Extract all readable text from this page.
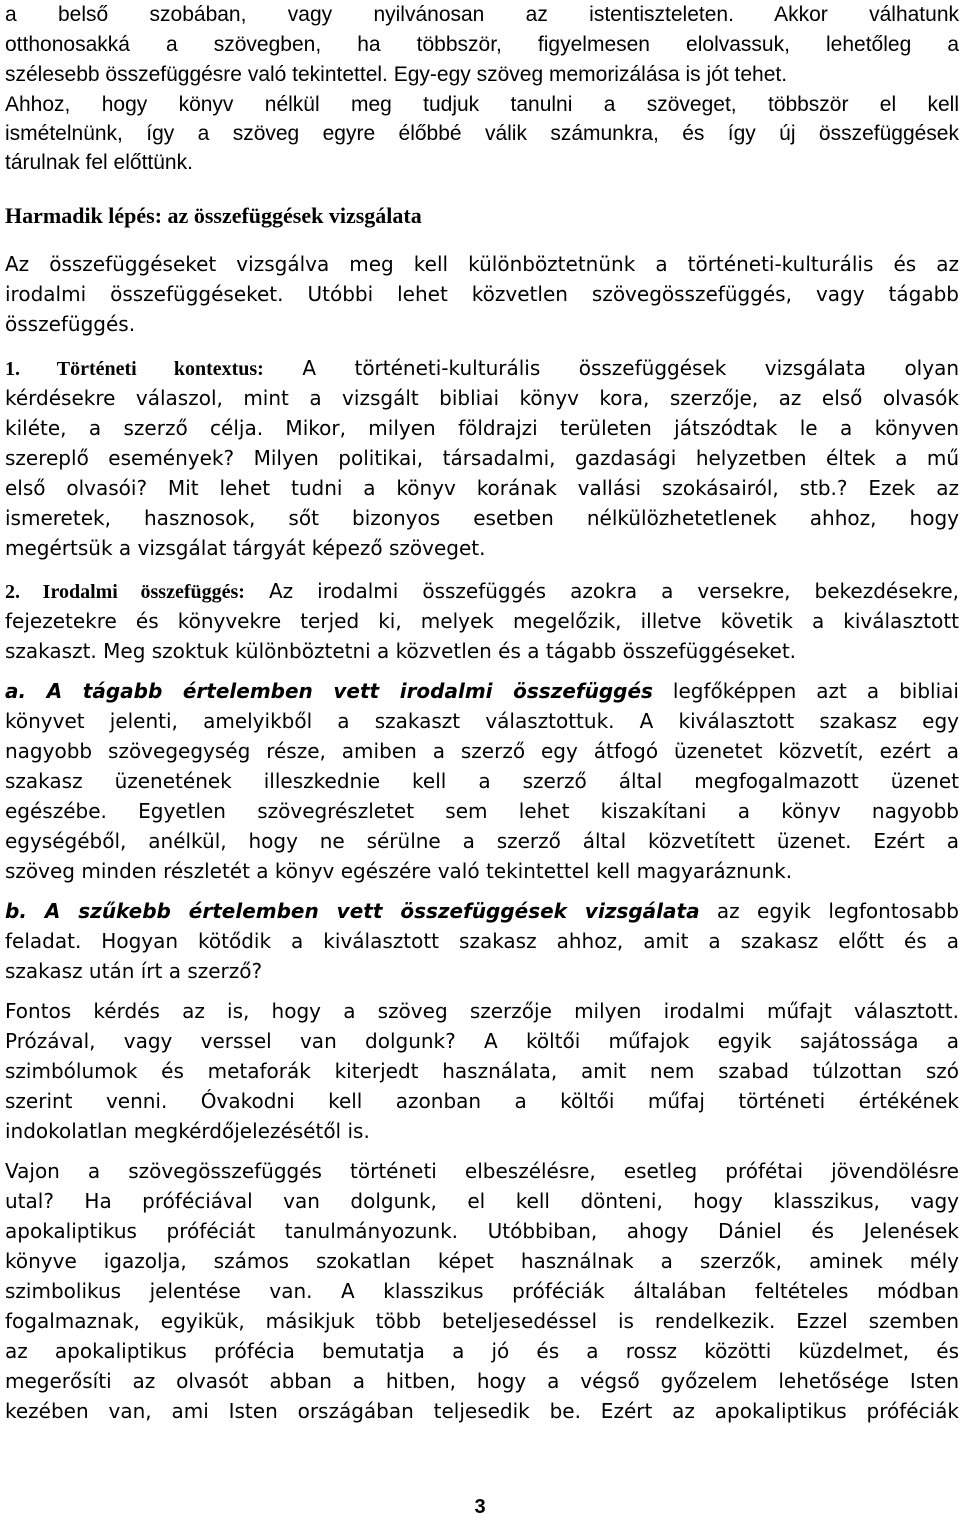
a belső szobában, vagy nyilvánosan az istentiszteleten. Akkor válhatunk
otthonosakká a szövegben, ha többször, figyelmesen elolvassuk, lehetőleg a
szélesebb összefüggésre való tekintettel. Egy-egy szöveg memorizálása is jót tehet.
Ahhoz, hogy könyv nélkül meg tudjuk tanulni a szöveget, többször el kell
ismételnünk, így a szöveg egyre élőbbé válik számunkra, és így új összefüggések
tárulnak fel előttünk.
Harmadik lépés: az összefüggések vizsgálata
Az összefüggéseket vizsgálva meg kell különböztetnünk a történeti-kulturális és az
irodalmi összefüggéseket. Utóbbi lehet közvetlen szövegösszefüggés, vagy tágabb
összefüggés.
1. Történeti kontextus: A történeti-kulturális összefüggések vizsgálata olyan
kérdésekre válaszol, mint a vizsgált bibliai könyv kora, szerzője, az első olvasók
kiléte, a szerző célja. Mikor, milyen földrajzi területen játszódtak le a könyven
szereplő események? Milyen politikai, társadalmi, gazdasági helyzetben éltek a mű
első olvasói? Mit lehet tudni a könyv korának vallási szokásairól, stb.? Ezek az
ismeretek, hasznosok, sőt bizonyos esetben nélkülözhetetlenek ahhoz, hogy
megértsük a vizsgálat tárgyát képező szöveget.
2. Irodalmi összefüggés: Az irodalmi összefüggés azokra a versekre, bekezdésekre,
fejezetekre és könyvekre terjed ki, melyek megelőzik, illetve követik a kiválasztott
szakaszt. Meg szoktuk különböztetni a közvetlen és a tágabb összefüggéseket.
a. A tágabb értelemben vett irodalmi összefüggés legfőképpen azt a bibliai
könyvet jelenti, amelyikből a szakaszt választottuk. A kiválasztott szakasz egy
nagyobb szövegegység része, amiben a szerző egy átfogó üzenetet közvetít, ezért a
szakasz üzenetének illeszkednie kell a szerző által megfogalmazott üzenet
egészébe. Egyetlen szövegrészletet sem lehet kiszakítani a könyv nagyobb
egységéből, anélkül, hogy ne sérülne a szerző által közvetített üzenet. Ezért a
szöveg minden részletét a könyv egészére való tekintettel kell magyaráznunk.
b. A szűkebb értelemben vett összefüggések vizsgálata az egyik legfontosabb
feladat. Hogyan kötődik a kiválasztott szakasz ahhoz, amit a szakasz előtt és a
szakasz után írt a szerző?
Fontos kérdés az is, hogy a szöveg szerzője milyen irodalmi műfajt választott.
Prózával, vagy verssel van dolgunk? A költői műfajok egyik sajátossága a
szimbólumok és metaforák kiterjedt használata, amit nem szabad túlzottan szó
szerint venni. Óvakodni kell azonban a költői műfaj történeti értékének
indokolatlan megkérdőjelezésétől is.
Vajon a szövegösszefüggés történeti elbeszélésre, esetleg prófétai jövendölésre
utal? Ha próféciával van dolgunk, el kell dönteni, hogy klasszikus, vagy
apokaliptikus próféciát tanulmányozunk. Utóbbiban, ahogy Dániel és Jelenések
könyve igazolja, számos szokatlan képet használnak a szerzők, aminek mély
szimbolikus jelentése van. A klasszikus próféciák általában feltételes módban
fogalmaznak, egyikük, másikjuk több beteljesedéssel is rendelkezik. Ezzel szemben
az apokaliptikus prófécia bemutatja a jó és a rossz közötti küzdelmet, és
megerősíti az olvasót abban a hitben, hogy a végső győzelem lehetősége Isten
kezében van, ami Isten országában teljesedik be. Ezért az apokaliptikus próféciák
3
